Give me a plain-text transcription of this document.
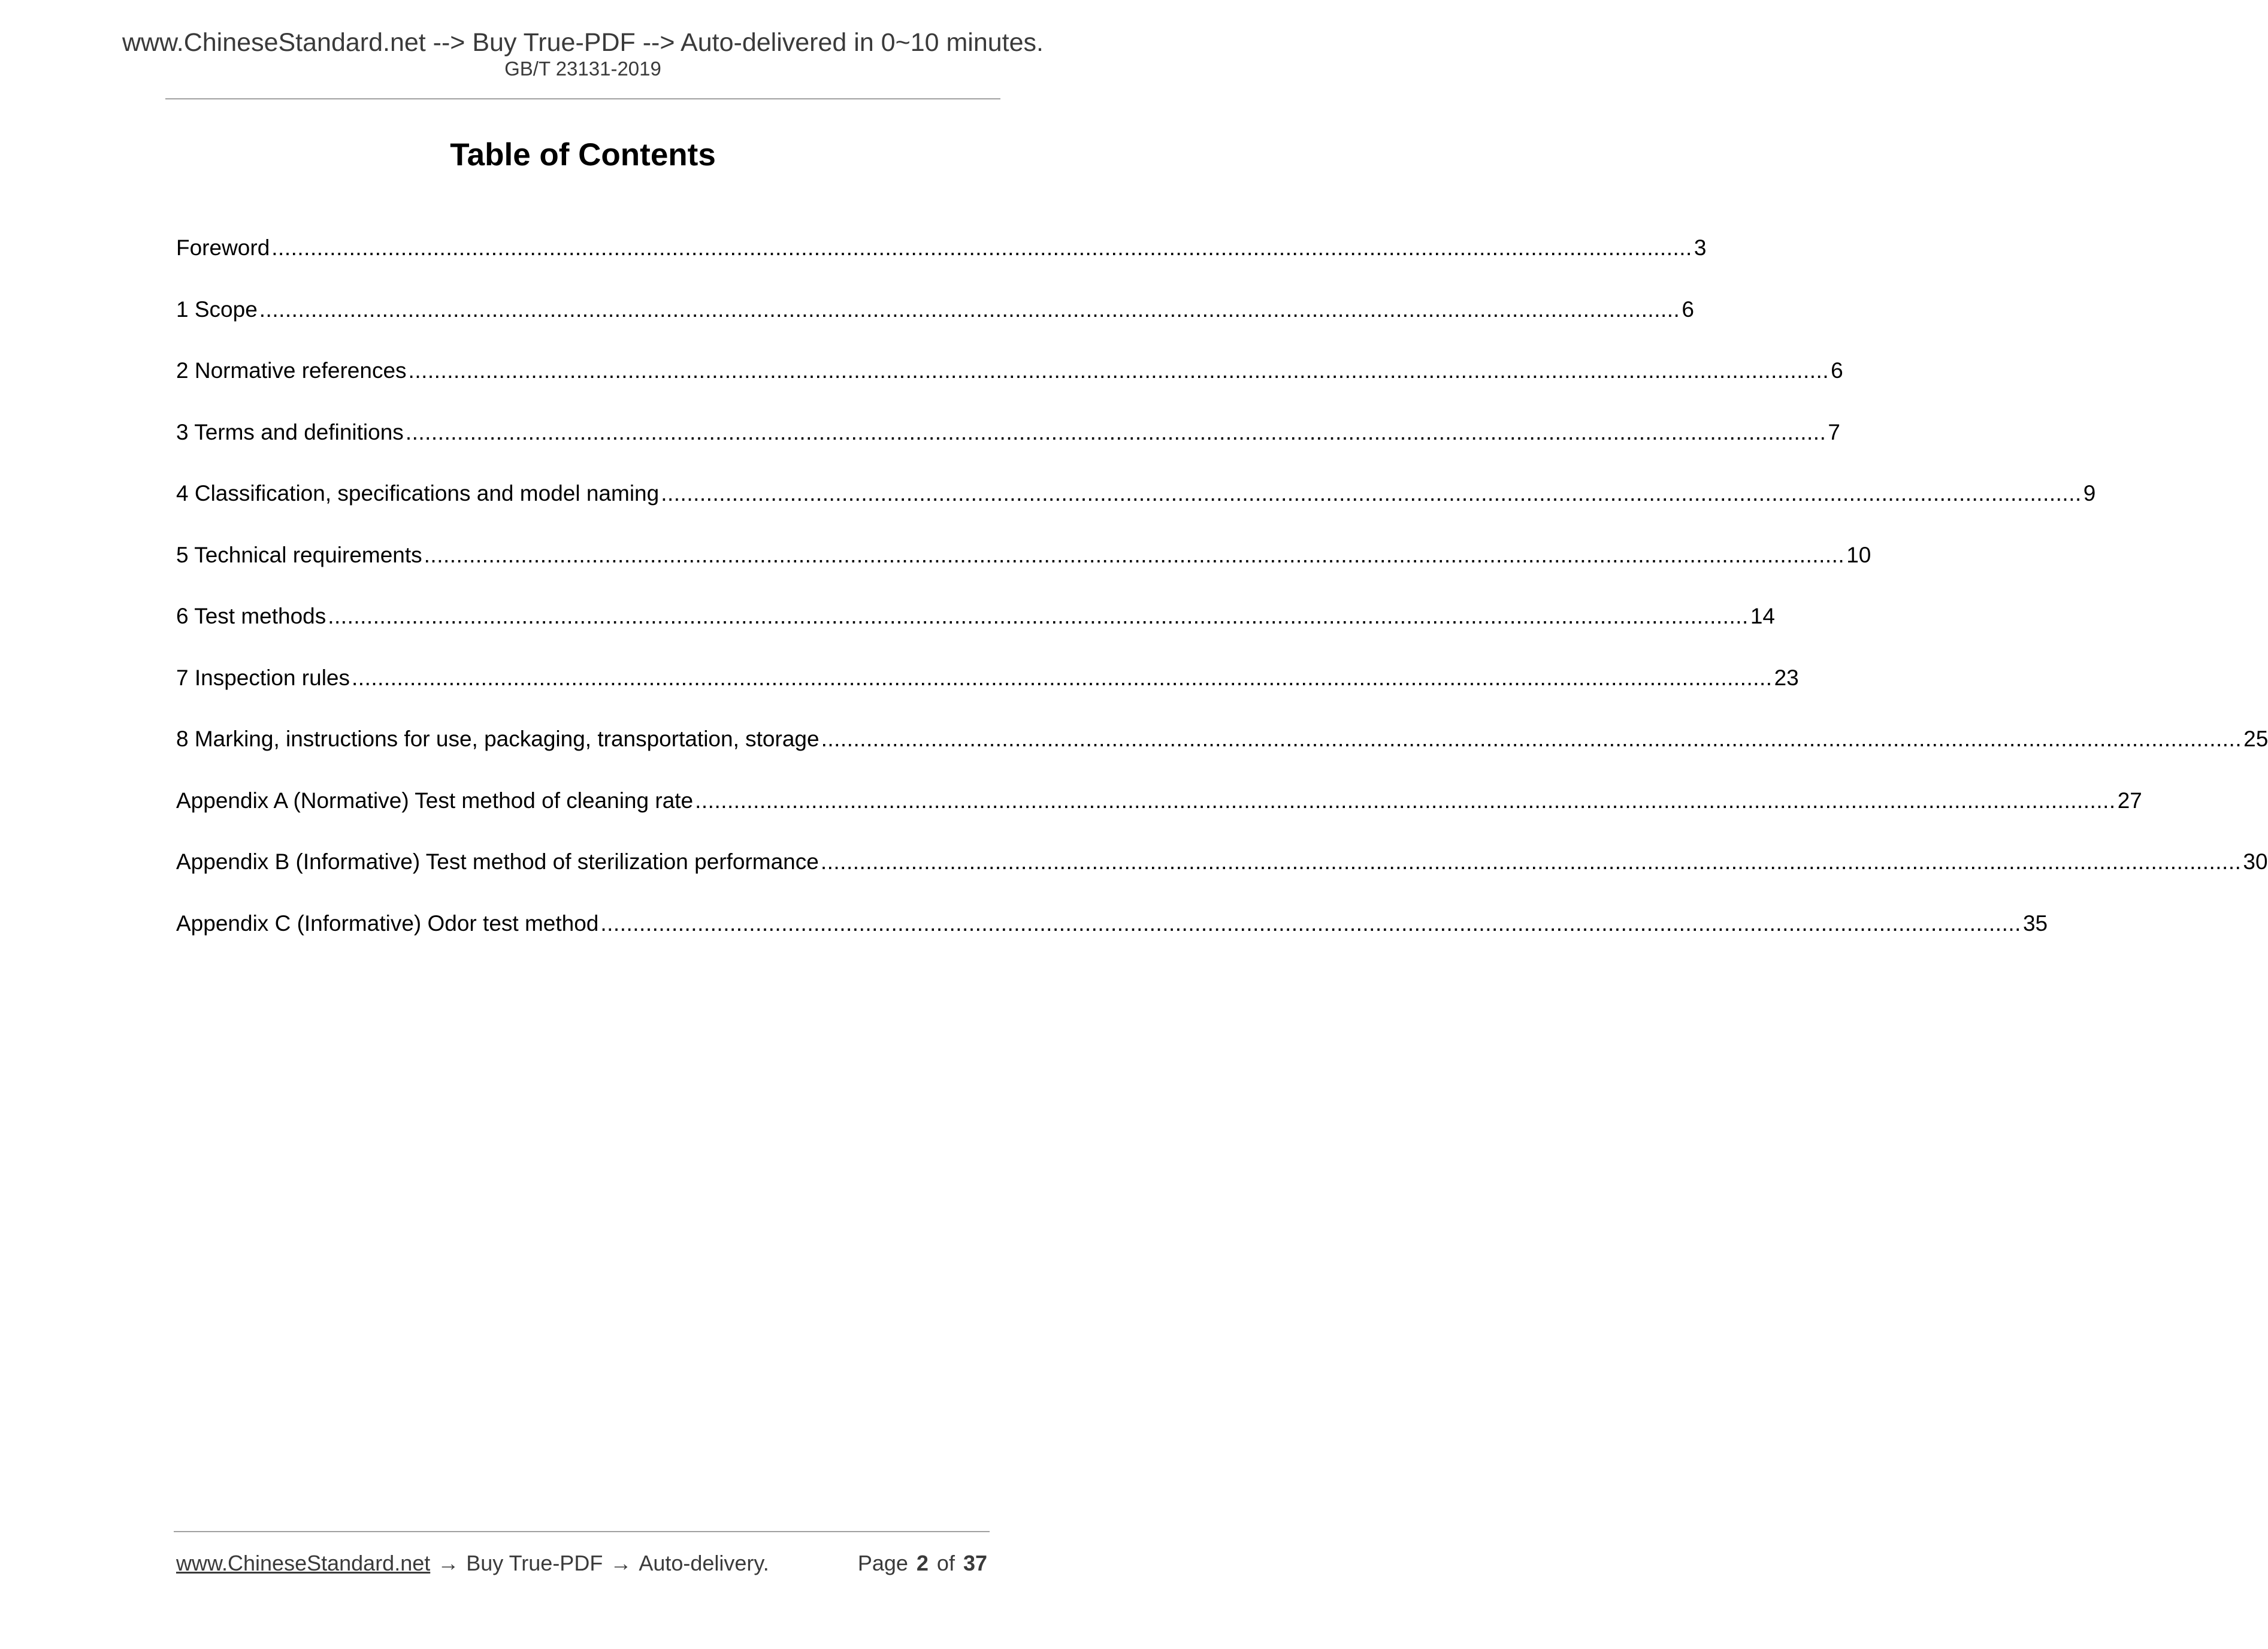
www.ChineseStandard.net --> Buy True-PDF --> Auto-delivered in 0~10 minutes.
GB/T 23131-2019
Table of Contents
Foreword ............................................................................................................................................................................................................................ 3
1 Scope ............................................................................................................................................................................................................................ 6
2 Normative references ............................................................................................................................................................................................................................ 6
3 Terms and definitions ............................................................................................................................................................................................................................ 7
4 Classification, specifications and model naming ............................................................................................................................................................................................................................ 9
5 Technical requirements ............................................................................................................................................................................................................................ 10
6 Test methods ............................................................................................................................................................................................................................ 14
7 Inspection rules ............................................................................................................................................................................................................................ 23
8 Marking, instructions for use, packaging, transportation, storage ............................................................................................................................................................................................................................ 25
Appendix A (Normative) Test method of cleaning rate ............................................................................................................................................................................................................................ 27
Appendix B (Informative) Test method of sterilization performance ............................................................................................................................................................................................................................ 30
Appendix C (Informative) Odor test method ............................................................................................................................................................................................................................ 35
www.ChineseStandard.net → Buy True-PDF → Auto-delivery.	Page 2 of 37
